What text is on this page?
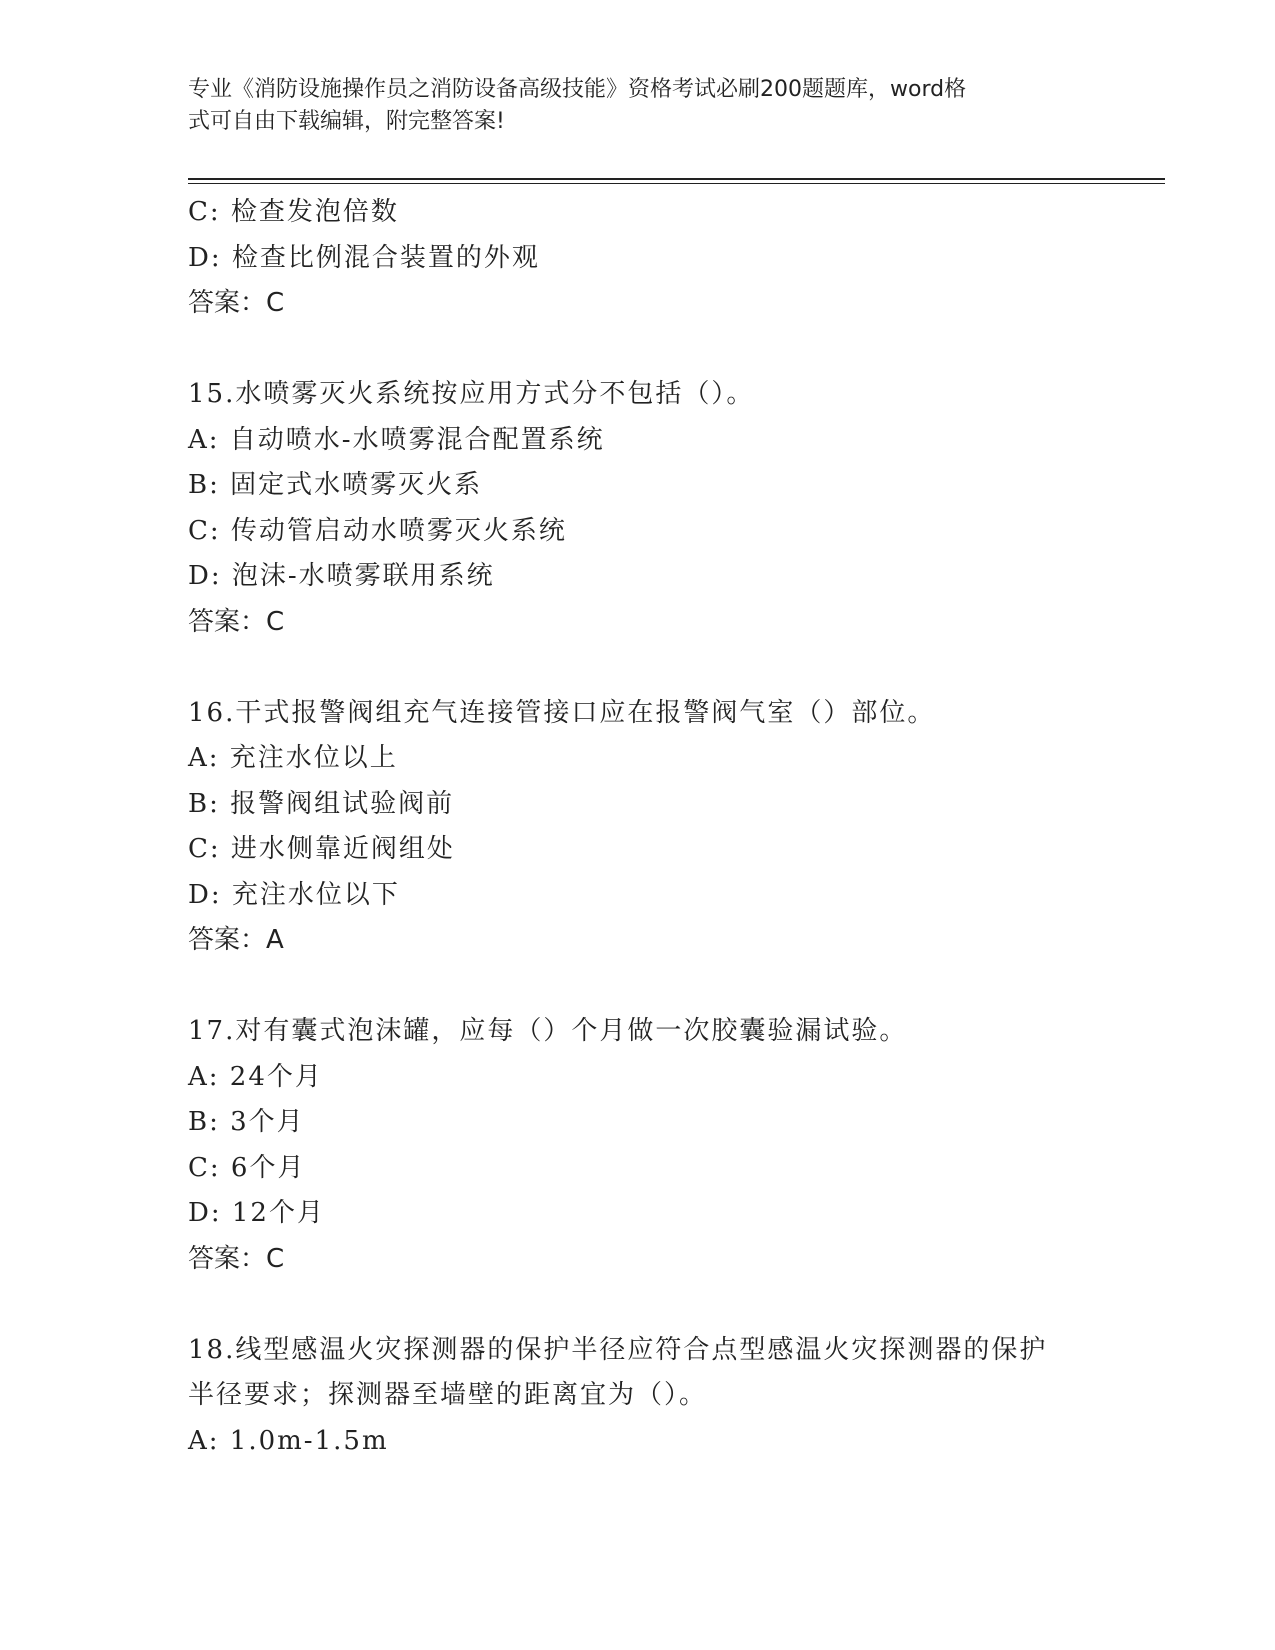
专业《消防设施操作员之消防设备高级技能》资格考试必刷200题题库，word格
式可自由下载编辑，附完整答案!
C: 检查发泡倍数
D: 检查比例混合装置的外观
答案：C
15.水喷雾灭火系统按应用方式分不包括（）。
A: 自动喷水-水喷雾混合配置系统
B: 固定式水喷雾灭火系
C: 传动管启动水喷雾灭火系统
D: 泡沫-水喷雾联用系统
答案：C
16.干式报警阀组充气连接管接口应在报警阀气室（）部位。
A: 充注水位以上
B: 报警阀组试验阀前
C: 进水侧靠近阀组处
D: 充注水位以下
答案：A
17.对有囊式泡沫罐，应每（）个月做一次胶囊验漏试验。
A: 24个月
B: 3个月
C: 6个月
D: 12个月
答案：C
18.线型感温火灾探测器的保护半径应符合点型感温火灾探测器的保护
半径要求；探测器至墙壁的距离宜为（）。
A: 1.0m-1.5m
